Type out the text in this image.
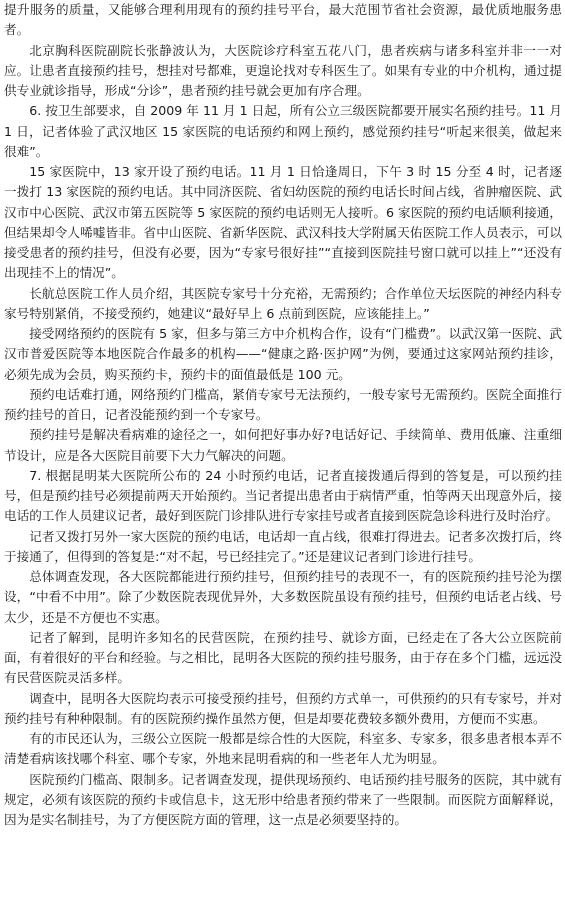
提升服务的质量，又能够合理利用现有的预约挂号平台，最大范围节省社会资源，最优质地服务患者。

北京胸科医院副院长张静波认为，大医院诊疗科室五花八门，患者疾病与诸多科室并非一一对应。让患者直接预约挂号，想挂对号都难，更遑论找对专科医生了。如果有专业的中介机构，通过提供专业就诊指导，形成“分诊”，患者预约挂号就会更加有序合理。

6. 按卫生部要求，自 2009 年 11 月 1 日起，所有公立三级医院都要开展实名预约挂号。11 月 1 日，记者体验了武汉地区 15 家医院的电话预约和网上预约，感觉预约挂号“听起来很美，做起来很难”。

15 家医院中，13 家开设了预约电话。11 月 1 日恰逢周日，下午 3 时 15 分至 4 时，记者逐一拨打 13 家医院的预约电话。其中同济医院、省妇幼医院的预约电话长时间占线，省肿瘤医院、武汉市中心医院、武汉市第五医院等 5 家医院的预约电话则无人接听。6 家医院的预约电话顺利接通，但结果却令人唏嘘皆非。省中山医院、省新华医院、武汉科技大学附属天佑医院工作人员表示，可以接受患者的预约挂号，但没有必要，因为“专家号很好挂”“直接到医院挂号窗口就可以挂上”“还没有出现挂不上的情况”。

长航总医院工作人员介绍，其医院专家号十分充裕，无需预约；合作单位天坛医院的神经内科专家号特别紧俏，不接受预约，她建议“最好早上 6 点前到医院，应该能挂上。”

接受网络预约的医院有 5 家，但多与第三方中介机构合作，设有“门槛费”。以武汉第一医院、武汉市普爱医院等本地医院合作最多的机构——“健康之路·医护网”为例，要通过这家网站预约挂诊，必须先成为会员，购买预约卡，预约卡的面值最低是 100 元。

预约电话难打通，网络预约门槛高，紧俏专家号无法预约，一般专家号无需预约。医院全面推行预约挂号的首日，记者没能预约到一个专家号。

预约挂号是解决看病难的途径之一，如何把好事办好?电话好记、手续简单、费用低廉、注重细节设计，应是各大医院目前要下大力气解决的问题。

7. 根据昆明某大医院所公布的 24 小时预约电话，记者直接拨通后得到的答复是，可以预约挂号，但是预约挂号必须提前两天开始预约。当记者提出患者由于病情严重，怕等两天出现意外后，接电话的工作人员建议记者，最好到医院门诊排队进行专家挂号或者直接到医院急诊科进行及时治疗。

记者又拨打另外一家大医院的预约电话，电话却一直占线，很难打得进去。记者多次拨打后，终于接通了，但得到的答复是:“对不起，号已经挂完了。”还是建议记者到门诊进行挂号。

总体调查发现，各大医院都能进行预约挂号，但预约挂号的表现不一，有的医院预约挂号沦为摆设，“中看不中用”。除了少数医院表现优异外，大多数医院虽设有预约挂号，但预约电话老占线、号太少，还是不方便也不实惠。

记者了解到，昆明许多知名的民营医院，在预约挂号、就诊方面，已经走在了各大公立医院前面，有着很好的平台和经验。与之相比，昆明各大医院的预约挂号服务，由于存在多个门槛，远远没有民营医院灵活多样。

调查中，昆明各大医院均表示可接受预约挂号，但预约方式单一，可供预约的只有专家号，并对预约挂号有种种限制。有的医院预约操作虽然方便，但是却要花费较多额外费用，方便而不实惠。

有的市民还认为，三级公立医院一般都是综合性的大医院，科室多、专家多，很多患者根本弄不清楚看病该找哪个科室、哪个专家，外地来昆明看病的和一些老年人尤为明显。

医院预约门槛高、限制多。记者调查发现，提供现场预约、电话预约挂号服务的医院，其中就有规定，必须有该医院的预约卡或信息卡，这无形中给患者预约带来了一些限制。而医院方面解释说，因为是实名制挂号，为了方便医院方面的管理，这一点是必须要坚持的。
